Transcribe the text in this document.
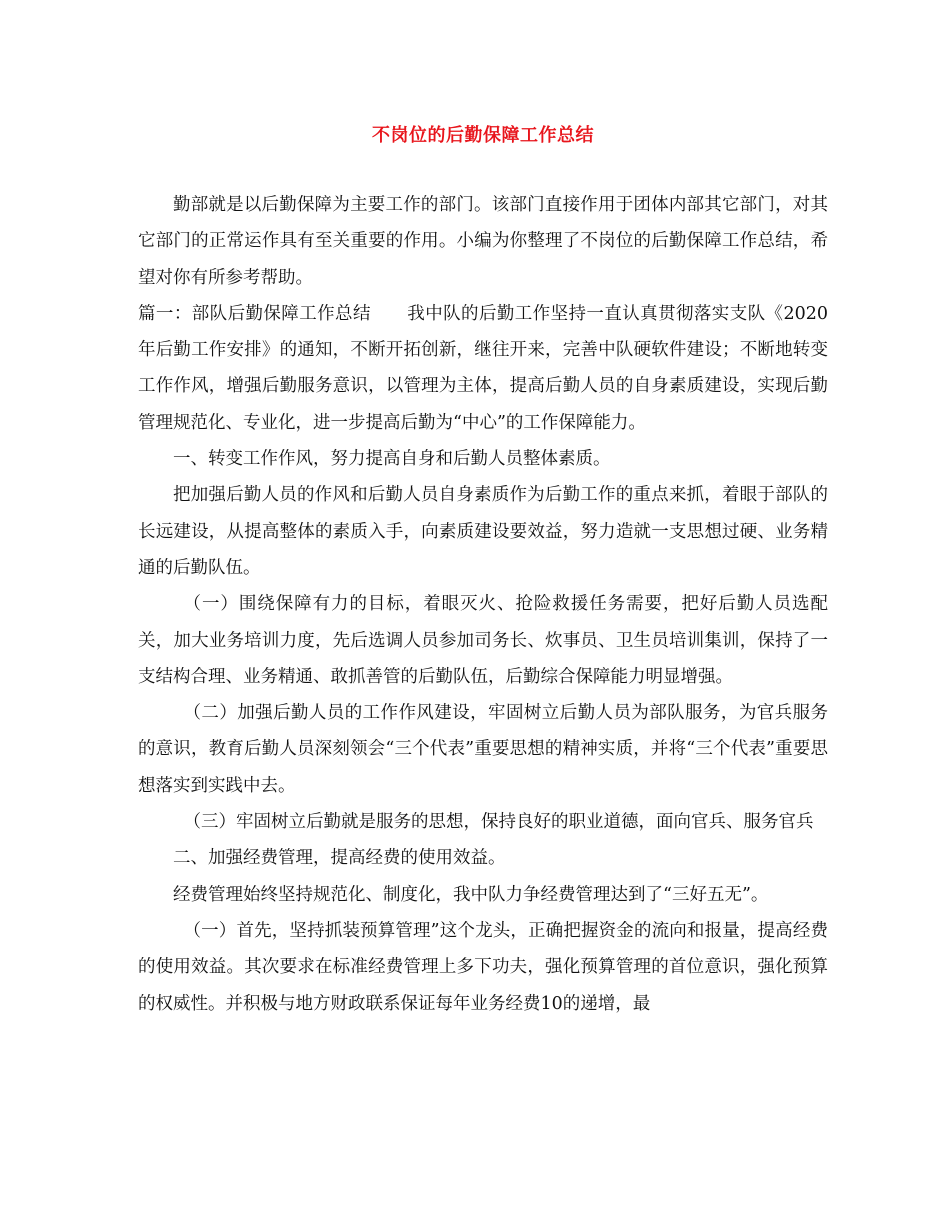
不岗位的后勤保障工作总结

勤部就是以后勤保障为主要工作的部门。该部门直接作用于团体内部其它部门，对其它部门的正常运作具有至关重要的作用。小编为你整理了不岗位的后勤保障工作总结，希望对你有所参考帮助。

篇一：部队后勤保障工作总结 我中队的后勤工作坚持一直认真贯彻落实支队《2020年后勤工作安排》的通知，不断开拓创新，继往开来，完善中队硬软件建设；不断地转变工作作风，增强后勤服务意识，以管理为主体，提高后勤人员的自身素质建设，实现后勤管理规范化、专业化，进一步提高后勤为“中心”的工作保障能力。

一、转变工作作风，努力提高自身和后勤人员整体素质。

把加强后勤人员的作风和后勤人员自身素质作为后勤工作的重点来抓，着眼于部队的长远建设，从提高整体的素质入手，向素质建设要效益，努力造就一支思想过硬、业务精通的后勤队伍。

（一）围绕保障有力的目标，着眼灭火、抢险救援任务需要，把好后勤人员选配关，加大业务培训力度，先后选调人员参加司务长、炊事员、卫生员培训集训，保持了一支结构合理、业务精通、敢抓善管的后勤队伍，后勤综合保障能力明显增强。

（二）加强后勤人员的工作作风建设，牢固树立后勤人员为部队服务，为官兵服务的意识，教育后勤人员深刻领会“三个代表”重要思想的精神实质，并将“三个代表”重要思想落实到实践中去。

（三）牢固树立后勤就是服务的思想，保持良好的职业道德，面向官兵、服务官兵

二、加强经费管理，提高经费的使用效益。

经费管理始终坚持规范化、制度化，我中队力争经费管理达到了“三好五无”。

（一）首先，坚持抓装预算管理”这个龙头，正确把握资金的流向和报量，提高经费的使用效益。其次要求在标准经费管理上多下功夫，强化预算管理的首位意识，强化预算的权威性。并积极与地方财政联系保证每年业务经费10的递增，最
